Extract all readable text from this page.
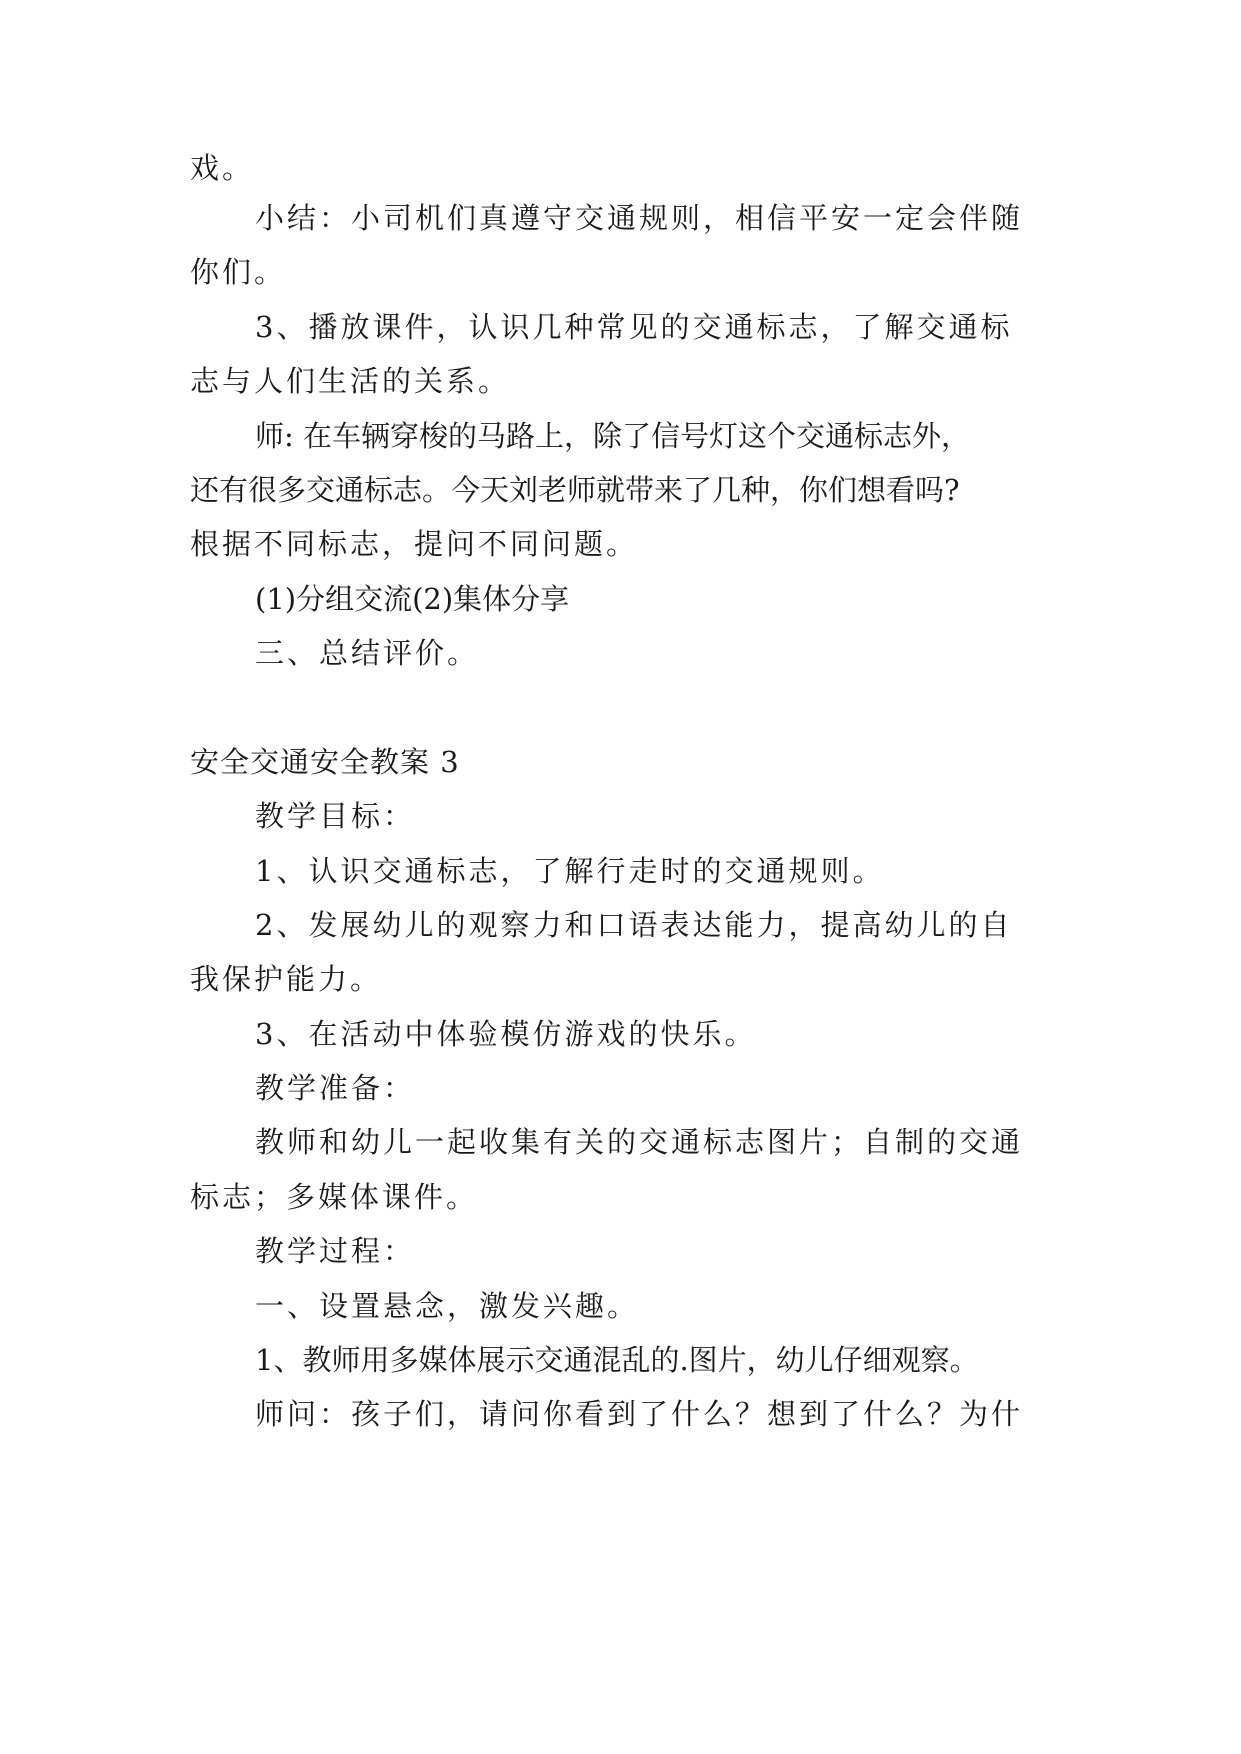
戏。
小结：小司机们真遵守交通规则，相信平安一定会伴随
你们。
3、播放课件，认识几种常见的交通标志，了解交通标
志与人们生活的关系。
师: 在车辆穿梭的马路上，除了信号灯这个交通标志外，
还有很多交通标志。今天刘老师就带来了几种，你们想看吗?
根据不同标志，提问不同问题。
(1)分组交流(2)集体分享
三、总结评价。
安全交通安全教案 3
教学目标：
1、认识交通标志，了解行走时的交通规则。
2、发展幼儿的观察力和口语表达能力，提高幼儿的自
我保护能力。
3、在活动中体验模仿游戏的快乐。
教学准备：
教师和幼儿一起收集有关的交通标志图片；自制的交通
标志；多媒体课件。
教学过程：
一、设置悬念，激发兴趣。
1、教师用多媒体展示交通混乱的.图片，幼儿仔细观察。
师问：孩子们，请问你看到了什么？想到了什么？为什
